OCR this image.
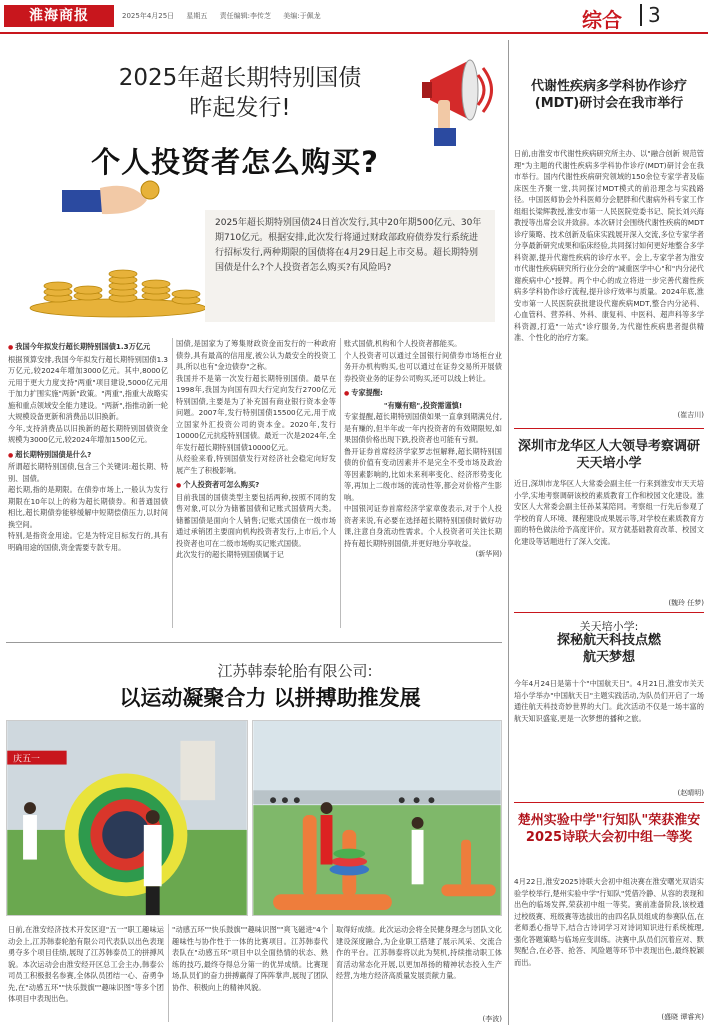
淮海商报	2025年4月25日 星期五 责任编辑:李传芝 美编:于佩龙	综合	3
2025年超长期特别国债
昨起发行!
个人投资者怎么购买?
2025年超长期特别国债24日首次发行,其中20年期500亿元、30年期710亿元。根据安排,此次发行将通过财政部政府债券发行系统进行招标发行,两种期限的国债将在4月29日起上市交易。超长期特别国债是什么?个人投资者怎么购买?有风险吗?
● 我国今年拟发行超长期特别国债1.3万亿元

根据预算安排,我国今年拟发行超长期特别国债1.3万亿元,较2024年增加3000亿元。其中,8000亿元用于更大力度支持"两重"项目建设,5000亿元用于加力扩围实施"两新"政策。"两重",指重大战略实施和重点领域安全能力建设。"两新",指推动新一轮大规模设备更新和消费品以旧换新。

今年,支持消费品以旧换新的超长期特别国债资金规模为3000亿元,较2024年增加1500亿元。

● 超长期特别国债是什么?

所谓超长期特别国债,包含三个关键词:超长期、特别、国债。

超长期,指的是期限。在债券市场上,一般认为发行期限在10年以上的称为超长期债券。和普通国债相比,超长期债券能够缓解中短期偿债压力,以时间换空间。

特别,是指资金用途。它是为特定目标发行的,具有明确用途的国债,资金需要专款专用。

国债,是国家为了筹集财政资金而发行的一种政府债券,具有最高的信用度,被公认为最安全的投资工具,所以也有"金边债券"之称。

我国并不是第一次发行超长期特别国债。最早在1998年,我国为向国有四大行定向发行2700亿元特别国债,主要是为了补充国有商业银行资本金等问题。2007年,发行特别国债15500亿元,用于成立国家外汇投资公司的资本金。2020年,发行10000亿元抗疫特别国债。最近一次是2024年,全年发行超长期特别国债10000亿元。

从经验来看,特别国债发行对经济社会稳定向好发展产生了积极影响。

● 个人投资者可怎么购买?

目前我国的国债类型主要包括两种,按照不同的发售对象,可以分为储蓄国债和记账式国债两大类。储蓄国债是面向个人销售;记账式国债在一级市场通过承销团主要面向机构投资者发行,上市后,个人投资者也可在二级市场购买记账式国债。

此次发行的超长期特别国债属于记

账式国债,机构和个人投资者都能买。

个人投资者可以通过全国银行间债券市场柜台业务开办机构购买,也可以通过在证券交易所开展债券投资业务的证券公司购买,还可以线上转让。

● 专家提醒:

"有赚有赔",投资需谨慎!

专家提醒,超长期特别国债如果一直拿到期满兑付,是有赚的,但半年或一年内投资者的有效期限短,如果国债价格出现下跌,投资者也可能有亏损。

鲁开证券首席经济学家罗志恒解释,超长期特别国债的价值有变动因素并不是完全不受市场及政治等因素影响的,比如未来利率变化、经济形势变化等,再加上二级市场的流动性等,都会对价格产生影响。

中国银河证券首席经济学家章俊表示,对于个人投资者来说,有必要在选择超长期特别国债时做好功课,注意自身流动性需求。个人投资者可关注长期持有超长期特别国债,并更好地分享收益。

(新华网)
代谢性疾病多学科协作诊疗(MDT)研讨会在我市举行
日前,由淮安市代谢性疾病研究所主办、以"融合创新 规范管理"为主题的代谢性疾病多学科协作诊疗(MDT)研讨会在我市举行。国内代谢性疾病研究领域的150余位专家学者及临床医生齐聚一堂,共同探讨MDT模式的前沿理念与实践路径。中国医师协会外科医师分会肥胖和代谢病外科专家工作组组长梁辉教授,淮安市第一人民医院党委书记、院长刘兴海教授等出席会议并致辞。本次研讨会围绕代谢性疾病的MDT诊疗策略、技术创新及临床实践展开深入交流,多位专家学者分享最新研究成果和临床经验,共同探讨如何更好地整合多学科资源,提升代谢性疾病的诊疗水平。会上,专家学者为淮安市代谢性疾病研究所行业分会的"减重医学中心"和"内分泌代谢疾病中心"授牌。两个中心的成立将进一步完善代谢性疾病多学科协作诊疗流程,提升诊疗效率与质量。2024年底,淮安市第一人民医院获批建设代谢疾病MDT,整合内分泌科、心血管科、营养科、外科、康复科、中医科、超声科等多学科资源,打造"一站式"诊疗服务,为代谢性疾病患者提供精准、个性化的治疗方案。
(崔吉川)
深圳市龙华区人大领导考察调研天天培小学
近日,深圳市龙华区人大常委会副主任一行来到淮安市天天培小学,实地考察调研该校的素质教育工作和校园文化建设。淮安区人大常委会副主任孙某某陪同。考察组一行先后参观了学校的育人环境、课程建设成果展示等,对学校在素质教育方面的特色做法给予高度评价。双方就基础教育改革、校园文化建设等话题进行了深入交流。
(魏玲 任梦)
关天培小学:
探秘航天科技点燃航天梦想
今年4月24日是第十个"中国航天日"。4月21日,淮安市关天培小学举办"中国航天日"主题实践活动,为队员们开启了一场通往航天科技奇妙世界的大门。此次活动不仅是一场丰富的航天知识盛宴,更是一次梦想的播种之旅。
(赵晴明)
楚州实验中学"行知队"荣获淮安2025诗联大会初中组一等奖
4月22日,淮安2025诗联大会初中组决赛在淮安曙光双语实验学校举行,楚州实验中学"行知队"凭借冷静、从容的表现和出色的临场发挥,荣获初中组一等奖。赛前准备阶段,该校通过校级赛、班级赛等选拔出的由四名队员组成的参赛队伍,在老师悉心指导下,结合古诗词学习对诗词知识进行系统梳理,强化答题策略与临场应变训练。决赛中,队员们沉着应对、默契配合,在必答、抢答、风险题等环节中表现出色,最终脱颖而出。
(盛晓 谭睿宾)
江苏韩泰轮胎有限公司:
以运动凝聚合力 以拼搏助推发展
庆五一
日前,在淮安经济技术开发区迎"五一"职工趣味运动会上,江苏韩泰轮胎有限公司代表队以出色表现勇夺多个项目佳绩,展现了江苏韩泰员工的拼搏风貌。本次运动会由淮安经开区总工会主办,韩泰公司员工积极报名参赛,全体队员团结一心、奋勇争先,在"动感五环""快乐鼓旗""趣味识图"等多个团体项目中表现出色。
"动感五环""快乐鼓旗""趣味识图""爽飞磁进"4个趣味性与协作性于一体的比赛项目。江苏韩泰代表队在"动感五环"项目中以全面热情的状态、熟练的技巧,最终夺得总分第一的优异成绩。比赛现场,队员们的奋力拼搏赢得了阵阵掌声,展现了团队协作、积极向上的精神风貌。
取得好成绩。此次运动会将全民健身理念与团队文化建设深度融合,为企业职工搭建了展示风采、交流合作的平台。江苏韩泰将以此为契机,持续推动职工体育活动常态化开展,以更加昂扬的精神状态投入生产经营,为地方经济高质量发展贡献力量。
(李波)
